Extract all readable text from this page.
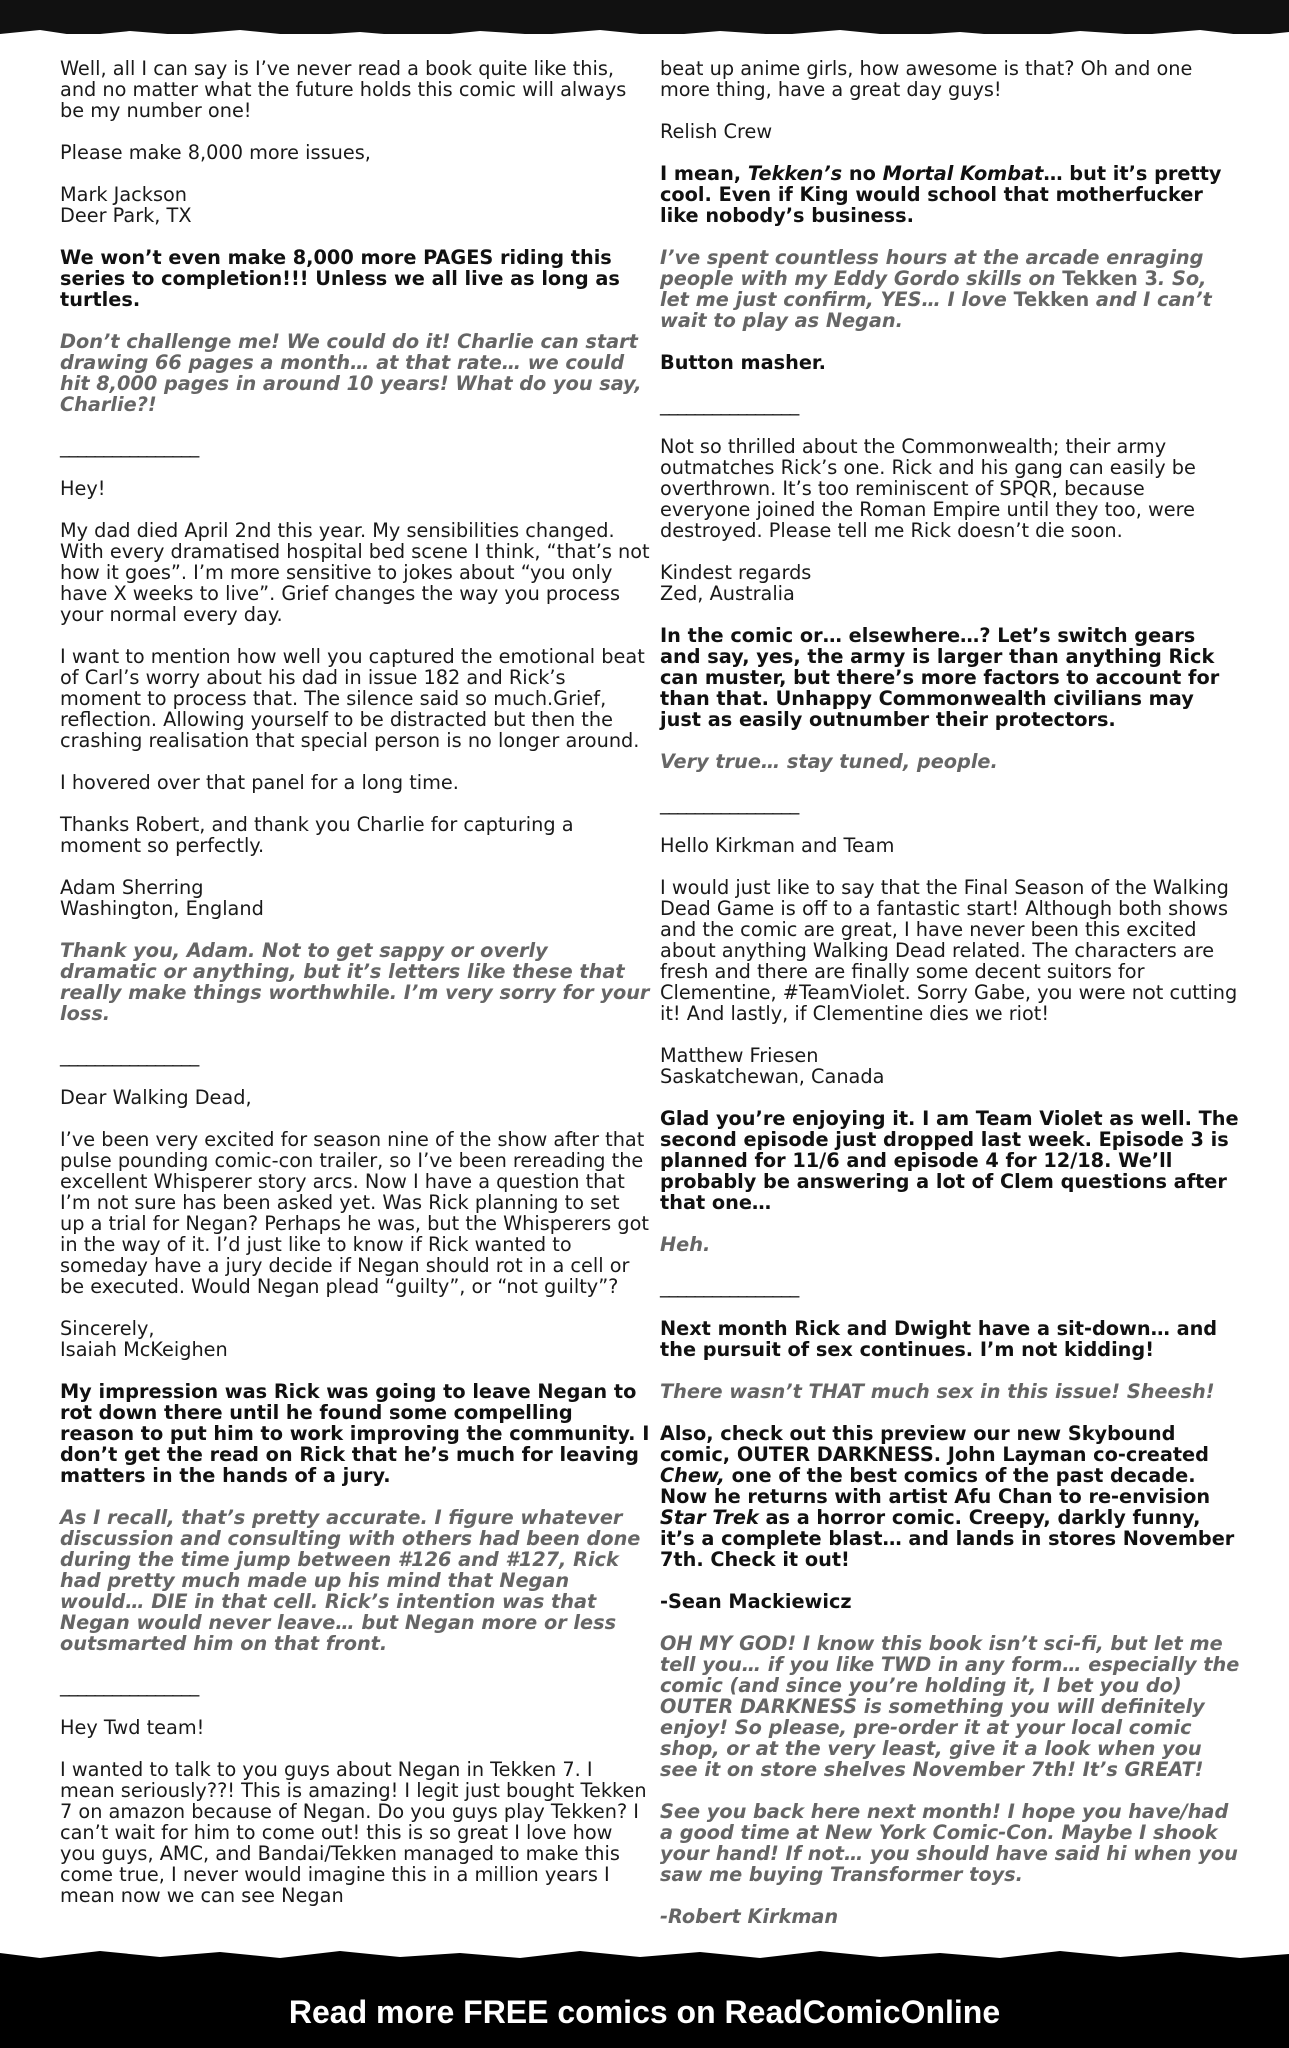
Well, all I can say is I’ve never read a book quite like this, and no matter what the future holds this comic will always be my number one!

Please make 8,000 more issues,

Mark Jackson
Deer Park, TX

We won’t even make 8,000 more PAGES riding this series to completion!!! Unless we all live as long as turtles.

Don’t challenge me! We could do it! Charlie can start drawing 66 pages a month… at that rate… we could hit 8,000 pages in around 10 years! What do you say, Charlie?!

________________

Hey!

My dad died April 2nd this year. My sensibilities changed. With every dramatised hospital bed scene I think, “that’s not how it goes”. I’m more sensitive to jokes about “you only have X weeks to live”. Grief changes the way you process your normal every day.

I want to mention how well you captured the emotional beat of Carl’s worry about his dad in issue 182 and Rick’s moment to process that. The silence said so much.Grief, reflection. Allowing yourself to be distracted but then the crashing realisation that special person is no longer around.

I hovered over that panel for a long time.

Thanks Robert, and thank you Charlie for capturing a moment so perfectly.

Adam Sherring
Washington, England

Thank you, Adam. Not to get sappy or overly dramatic or anything, but it’s letters like these that really make things worthwhile. I’m very sorry for your loss.

________________

Dear Walking Dead,

I’ve been very excited for season nine of the show after that pulse pounding comic-con trailer, so I’ve been rereading the excellent Whisperer story arcs. Now I have a question that I’m not sure has been asked yet. Was Rick planning to set up a trial for Negan? Perhaps he was, but the Whisperers got in the way of it. I’d just like to know if Rick wanted to someday have a jury decide if Negan should rot in a cell or be executed. Would Negan plead “guilty”, or “not guilty”?

Sincerely,
Isaiah McKeighen

My impression was Rick was going to leave Negan to rot down there until he found some compelling reason to put him to work improving the community. I don’t get the read on Rick that he’s much for leaving matters in the hands of a jury.

As I recall, that’s pretty accurate. I figure whatever discussion and consulting with others had been done during the time jump between #126 and #127, Rick had pretty much made up his mind that Negan would… DIE in that cell. Rick’s intention was that Negan would never leave… but Negan more or less outsmarted him on that front.

________________

Hey Twd team!

I wanted to talk to you guys about Negan in Tekken 7. I mean seriously??! This is amazing! I legit just bought Tekken 7 on amazon because of Negan. Do you guys play Tekken? I can’t wait for him to come out! this is so great I love how you guys, AMC, and Bandai/Tekken managed to make this come true, I never would imagine this in a million years I mean now we can see Negan

beat up anime girls, how awesome is that? Oh and one more thing, have a great day guys!

Relish Crew

I mean, Tekken’s no Mortal Kombat… but it’s pretty cool. Even if King would school that motherfucker like nobody’s business.

I’ve spent countless hours at the arcade enraging people with my Eddy Gordo skills on Tekken 3. So, let me just confirm, YES… I love Tekken and I can’t wait to play as Negan.

Button masher.

________________

Not so thrilled about the Commonwealth; their army outmatches Rick’s one. Rick and his gang can easily be overthrown. It’s too reminiscent of SPQR, because everyone joined the Roman Empire until they too, were destroyed. Please tell me Rick doesn’t die soon.

Kindest regards
Zed, Australia

In the comic or… elsewhere…? Let’s switch gears and say, yes, the army is larger than anything Rick can muster, but there’s more factors to account for than that. Unhappy Commonwealth civilians may just as easily outnumber their protectors.

Very true… stay tuned, people.

________________

Hello Kirkman and Team

I would just like to say that the Final Season of the Walking Dead Game is off to a fantastic start! Although both shows and the comic are great, I have never been this excited about anything Walking Dead related. The characters are fresh and there are finally some decent suitors for Clementine, #TeamViolet. Sorry Gabe, you were not cutting it! And lastly, if Clementine dies we riot!

Matthew Friesen
Saskatchewan, Canada

Glad you’re enjoying it. I am Team Violet as well. The second episode just dropped last week. Episode 3 is planned for 11/6 and episode 4 for 12/18. We’ll probably be answering a lot of Clem questions after that one…

Heh.

________________

Next month Rick and Dwight have a sit-down… and the pursuit of sex continues. I’m not kidding!

There wasn’t THAT much sex in this issue! Sheesh!

Also, check out this preview our new Skybound comic, OUTER DARKNESS. John Layman co-created Chew, one of the best comics of the past decade. Now he returns with artist Afu Chan to re-envision Star Trek as a horror comic. Creepy, darkly funny, it’s a complete blast… and lands in stores November 7th. Check it out!

-Sean Mackiewicz

OH MY GOD! I know this book isn’t sci-fi, but let me tell you… if you like TWD in any form… especially the comic (and since you’re holding it, I bet you do) OUTER DARKNESS is something you will definitely enjoy! So please, pre-order it at your local comic shop, or at the very least, give it a look when you see it on store shelves November 7th! It’s GREAT!

See you back here next month! I hope you have/had a good time at New York Comic-Con. Maybe I shook your hand! If not… you should have said hi when you saw me buying Transformer toys.

-Robert Kirkman

Read more FREE comics on ReadComicOnline
